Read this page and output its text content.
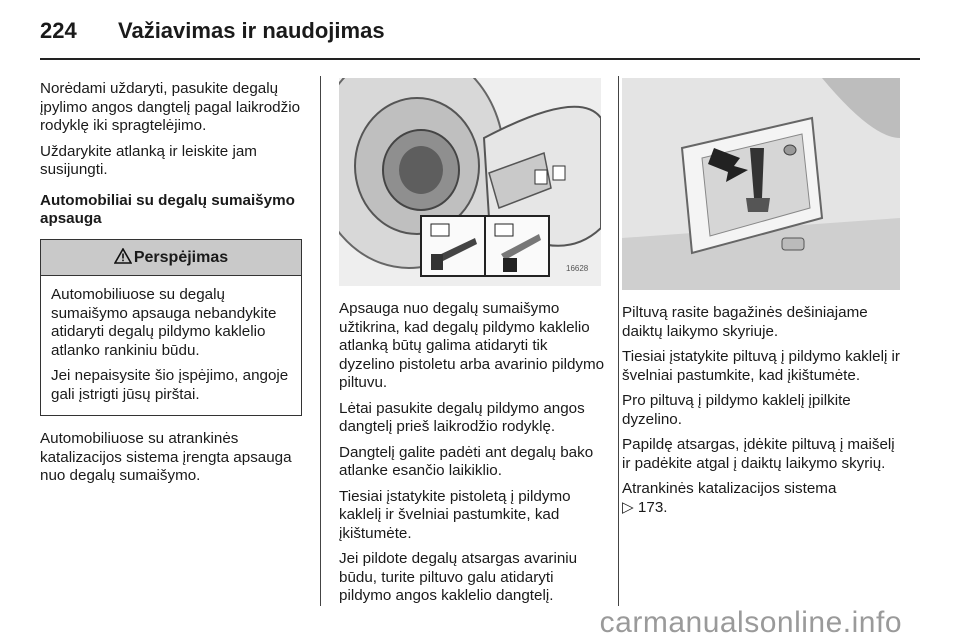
224 Važiavimas ir naudojimas

Norėdami uždaryti, pasukite degalų įpylimo angos dangtelį pagal laikrodžio rodyklę iki spragtelėjimo.

Uždarykite atlanką ir leiskite jam susijungti.

Automobiliai su degalų sumaišymo apsauga

Perspėjimas

Automobiliuose su degalų sumaišymo apsauga nebandykite atidaryti degalų pildymo kaklelio atlanko rankiniu būdu.

Jei nepaisysite šio įspėjimo, angoje gali įstrigti jūsų pirštai.

Automobiliuose su atrankinės katalizacijos sistema įrengta apsauga nuo degalų sumaišymo.

16628

Apsauga nuo degalų sumaišymo užtikrina, kad degalų pildymo kaklelio atlanką būtų galima atidaryti tik dyzelino pistoletu arba avarinio pildymo piltuvu.

Lėtai pasukite degalų pildymo angos dangtelį prieš laikrodžio rodyklę.

Dangtelį galite padėti ant degalų bako atlanke esančio laikiklio.

Tiesiai įstatykite pistoletą į pildymo kaklelį ir švelniai pastumkite, kad įkištumėte.

Jei pildote degalų atsargas avariniu būdu, turite piltuvo galu atidaryti pildymo angos kaklelio dangtelį.

Piltuvą rasite bagažinės dešiniajame daiktų laikymo skyriuje.

Tiesiai įstatykite piltuvą į pildymo kaklelį ir švelniai pastumkite, kad įkištumėte.

Pro piltuvą į pildymo kaklelį įpilkite dyzelino.

Papildę atsargas, įdėkite piltuvą į maišelį ir padėkite atgal į daiktų laikymo skyrių.

Atrankinės katalizacijos sistema
▷ 173.

carmanualsonline.info
